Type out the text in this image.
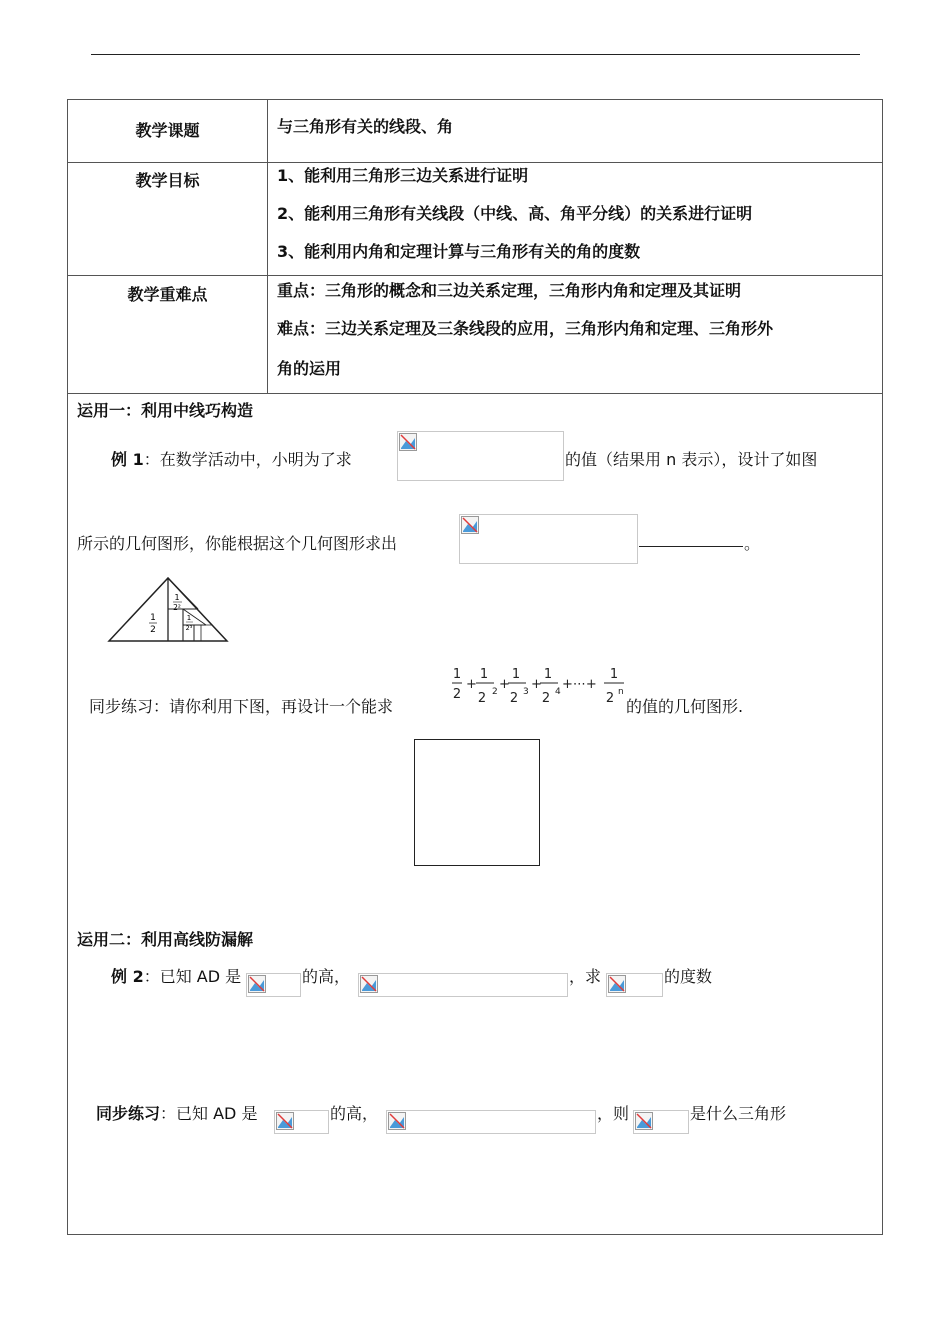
教学课题	与三角形有关的线段、角
教学目标	1、能利用三角形三边关系进行证明
2、能利用三角形有关线段（中线、高、角平分线）的关系进行证明
3、能利用内角和定理计算与三角形有关的角的度数
教学重难点	重点：三角形的概念和三边关系定理，三角形内角和定理及其证明
难点：三边关系定理及三条线段的应用，三角形内角和定理、三角形外
角的运用
运用一：利用中线巧构造
例 1：在数学活动中，小明为了求	的值（结果用 n 表示），设计了如图
所示的几何图形，你能根据这个几何图形求出	。
1
2
1
2²
1
2³
同步练习：请你利用下图，再设计一个能求
1
2
+
1
2 2 +
1
2 3 +
1
2 4 +⋯+
1
2 n
的值的几何图形.
运用二：利用高线防漏解
例 2：已知 AD 是	的高，	，求	的度数
同步练习：已知 AD 是	的高，	，则	是什么三角形
